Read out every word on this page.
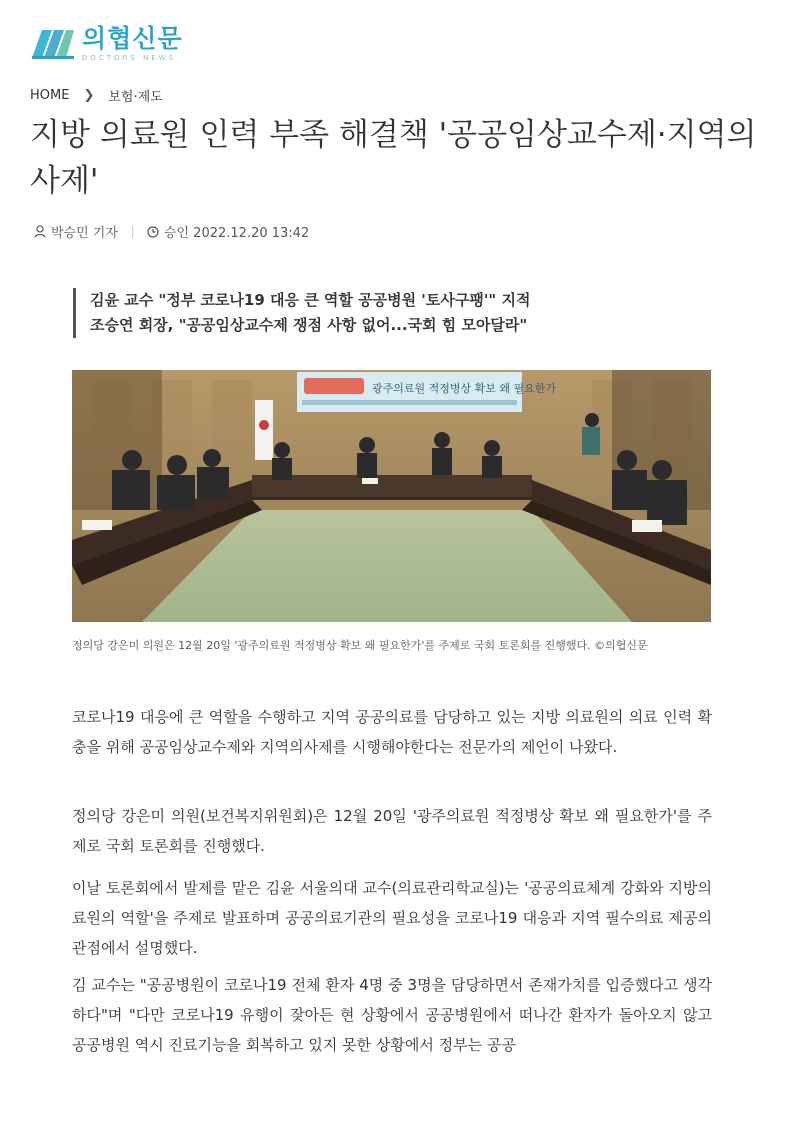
의협신문
DOCTORS NEWS
HOME ❯ 보험·제도
지방 의료원 인력 부족 해결책 '공공임상교수제·지역의사제'
박승민 기자	승인 2022.12.20 13:42
김윤 교수 "정부 코로나19 대응 큰 역할 공공병원 '토사구팽'" 지적
조승연 회장, "공공임상교수제 쟁점 사항 없어...국회 힘 모아달라"
광주의료원 적정병상 확보 왜 필요한가
정의당 강은미 의원은 12월 20일 '광주의료원 적정병상 확보 왜 필요한가'를 주제로 국회 토론회를 진행했다. ©의협신문

코로나19 대응에 큰 역할을 수행하고 지역 공공의료를 담당하고 있는 지방 의료원의 의료 인력 확충을 위해 공공임상교수제와 지역의사제를 시행해야한다는 전문가의 제언이 나왔다.

정의당 강은미 의원(보건복지위원회)은 12월 20일 '광주의료원 적정병상 확보 왜 필요한가'를 주제로 국회 토론회를 진행했다.

이날 토론회에서 발제를 맡은 김윤 서울의대 교수(의료관리학교실)는 '공공의료체계 강화와 지방의료원의 역할'을 주제로 발표하며 공공의료기관의 필요성을 코로나19 대응과 지역 필수의료 제공의 관점에서 설명했다.

김 교수는 "공공병원이 코로나19 전체 환자 4명 중 3명을 담당하면서 존재가치를 입증했다고 생각하다"며 "다만 코로나19 유행이 잦아든 현 상황에서 공공병원에서 떠나간 환자가 돌아오지 않고 공공병원 역시 진료기능을 회복하고 있지 못한 상황에서 정부는 공공
